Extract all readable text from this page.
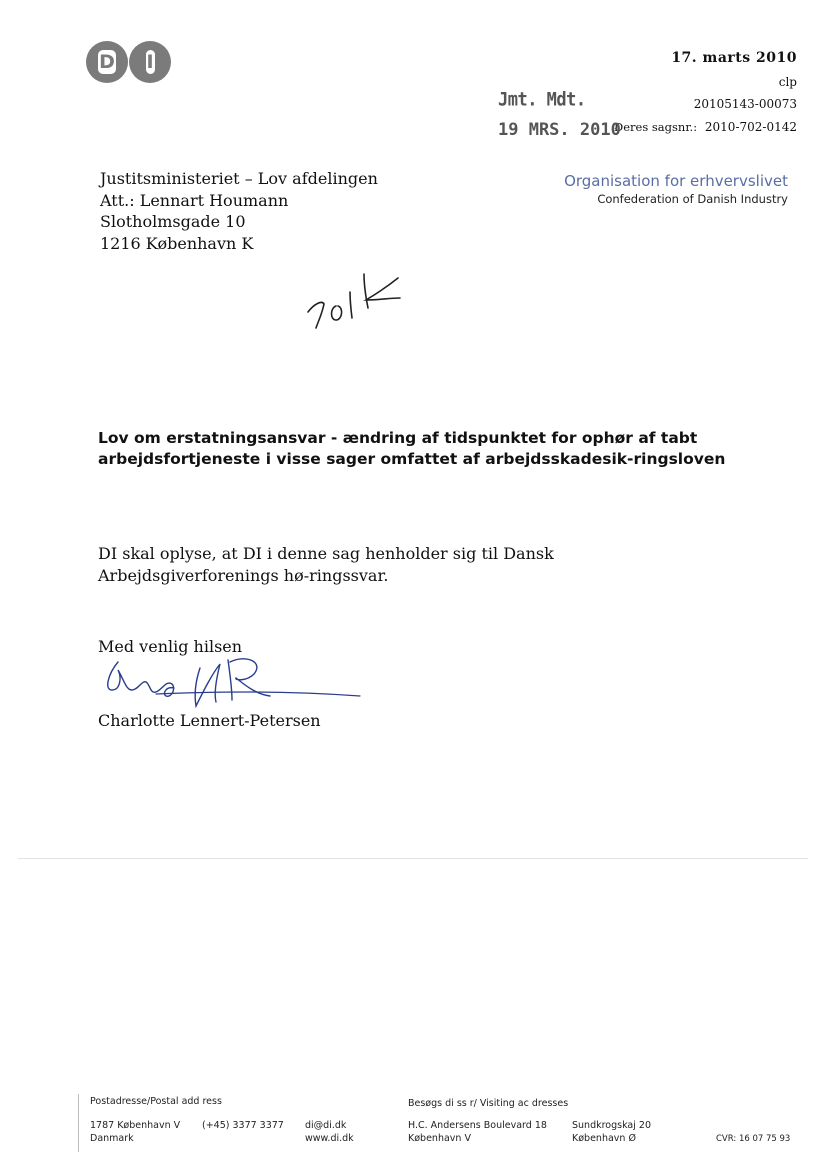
D	I	17. marts 2010
clp
20105143-00073
Deres sagsnr.: 2010-702-0142
Jmt. Mdt.
19 MRS. 2010
Justitsministeriet – Lov afdelingen
Att.: Lennart Houmann
Slotholmsgade 10
1216 København K
Organisation for erhvervslivet
Confederation of Danish Industry
Lov om erstatningsansvar - ændring af tidspunktet for ophør af tabt arbejdsfortjeneste i visse sager omfattet af arbejdsskadesik-ringsloven
DI skal oplyse, at DI i denne sag henholder sig til Dansk Arbejdsgiverforenings hø-ringssvar.
Med venlig hilsen
Charlotte Lennert-Petersen
Postadresse/Postal add ress
1787 København V
Danmark
(+45) 3377 3377 di@di.dk
www.di.dk
Besøgs di ss r/ Visiting ac dresses
H.C. Andersens Boulevard 18
København V
Sundkrogskaj 20
København Ø	CVR: 16 07 75 93
